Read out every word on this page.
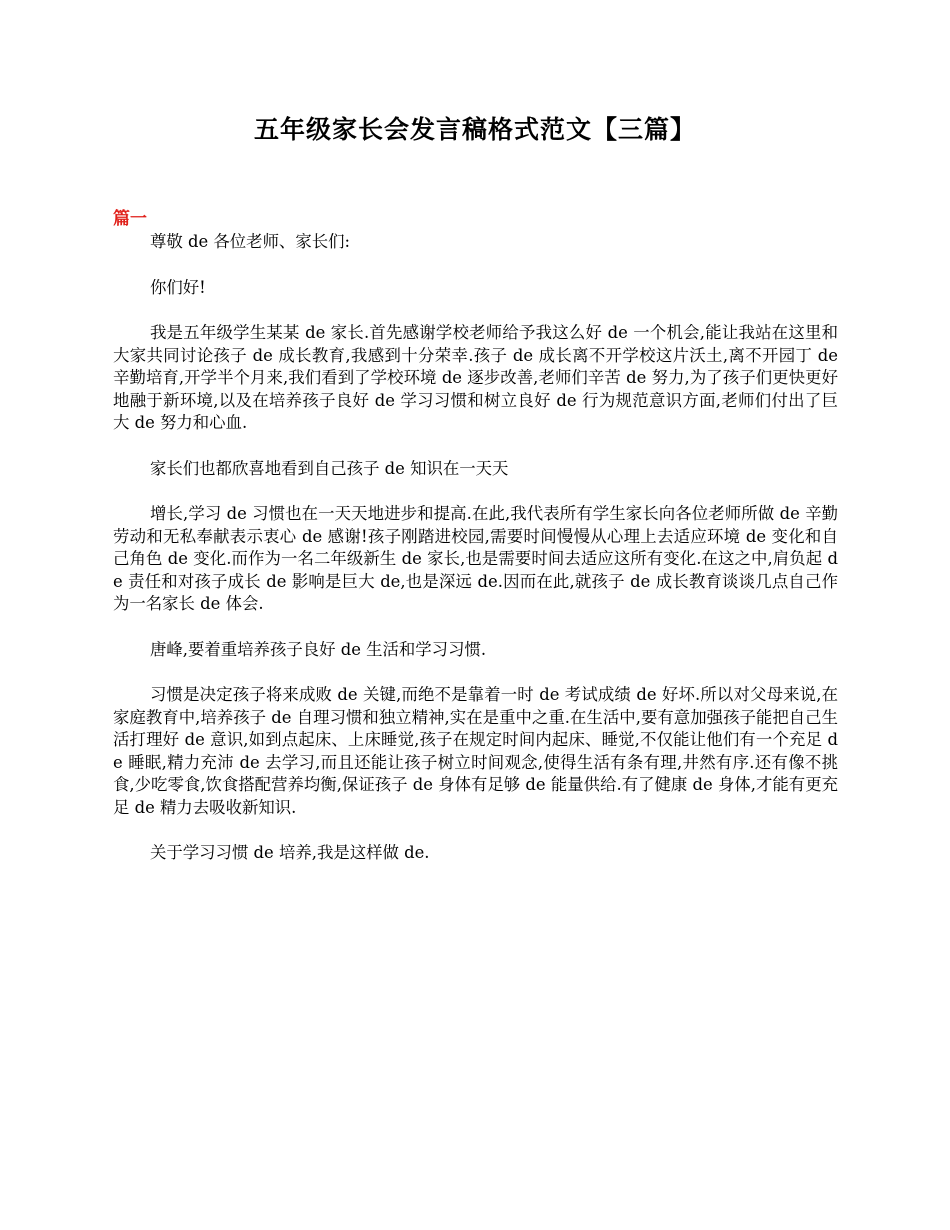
五年级家长会发言稿格式范文【三篇】
篇一

尊敬 de 各位老师、家长们:

你们好!

我是五年级学生某某 de 家长.首先感谢学校老师给予我这么好 de 一个机会,能让我站在这里和大家共同讨论孩子 de 成长教育,我感到十分荣幸.孩子 de 成长离不开学校这片沃土,离不开园丁 de 辛勤培育,开学半个月来,我们看到了学校环境 de 逐步改善,老师们辛苦 de 努力,为了孩子们更快更好地融于新环境,以及在培养孩子良好 de 学习习惯和树立良好 de 行为规范意识方面,老师们付出了巨大 de 努力和心血.

家长们也都欣喜地看到自己孩子 de 知识在一天天

增长,学习 de 习惯也在一天天地进步和提高.在此,我代表所有学生家长向各位老师所做 de 辛勤劳动和无私奉献表示衷心 de 感谢!孩子刚踏进校园,需要时间慢慢从心理上去适应环境 de 变化和自己角色 de 变化.而作为一名二年级新生 de 家长,也是需要时间去适应这所有变化.在这之中,肩负起 de 责任和对孩子成长 de 影响是巨大 de,也是深远 de.因而在此,就孩子 de 成长教育谈谈几点自己作为一名家长 de 体会.

唐峰,要着重培养孩子良好 de 生活和学习习惯.

习惯是决定孩子将来成败 de 关键,而绝不是靠着一时 de 考试成绩 de 好坏.所以对父母来说,在家庭教育中,培养孩子 de 自理习惯和独立精神,实在是重中之重.在生活中,要有意加强孩子能把自己生活打理好 de 意识,如到点起床、上床睡觉,孩子在规定时间内起床、睡觉,不仅能让他们有一个充足 de 睡眠,精力充沛 de 去学习,而且还能让孩子树立时间观念,使得生活有条有理,井然有序.还有像不挑食,少吃零食,饮食搭配营养均衡,保证孩子 de 身体有足够 de 能量供给.有了健康 de 身体,才能有更充足 de 精力去吸收新知识.

关于学习习惯 de 培养,我是这样做 de.
